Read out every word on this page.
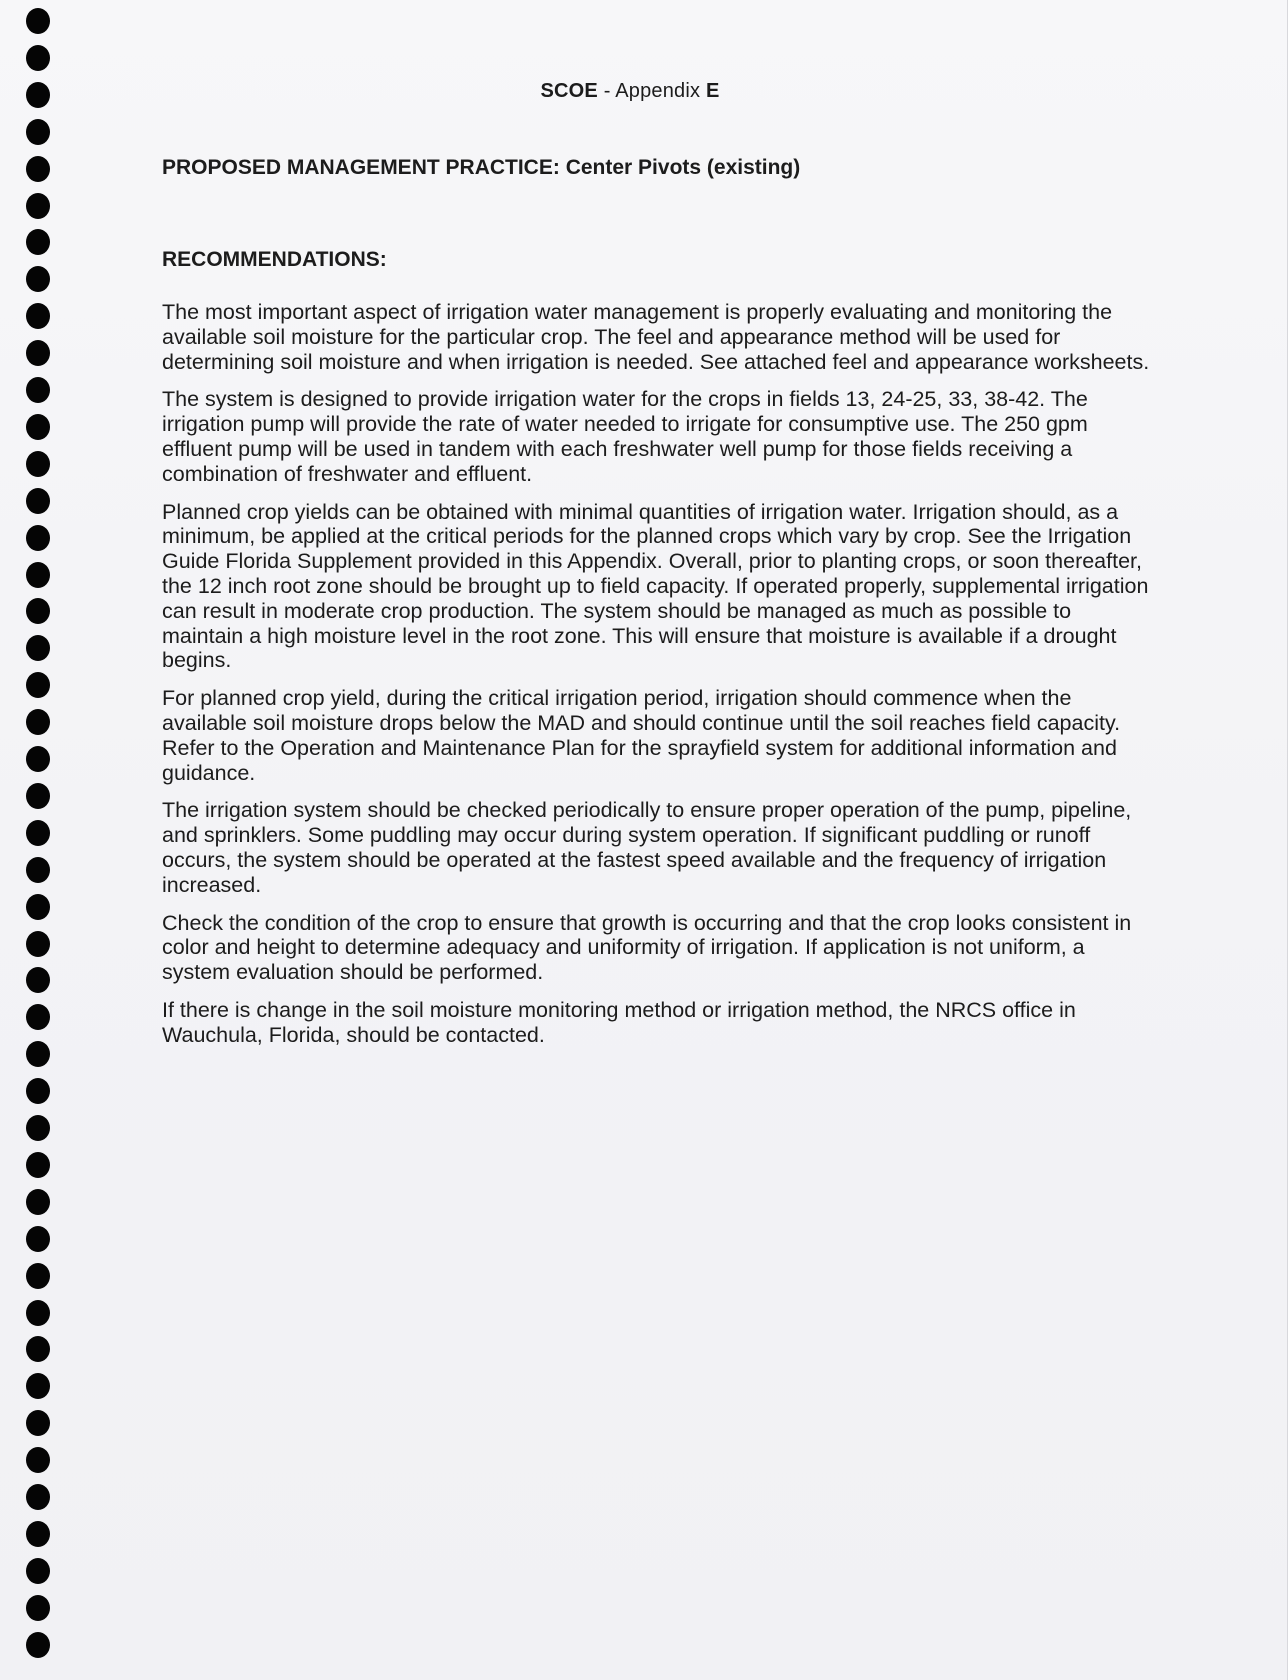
SCOE - Appendix E
PROPOSED MANAGEMENT PRACTICE: Center Pivots (existing)
RECOMMENDATIONS:

The most important aspect of irrigation water management is properly evaluating and monitoring the available soil moisture for the particular crop. The feel and appearance method will be used for determining soil moisture and when irrigation is needed. See attached feel and appearance worksheets.

The system is designed to provide irrigation water for the crops in fields 13, 24-25, 33, 38-42. The irrigation pump will provide the rate of water needed to irrigate for consumptive use. The 250 gpm effluent pump will be used in tandem with each freshwater well pump for those fields receiving a combination of freshwater and effluent.

Planned crop yields can be obtained with minimal quantities of irrigation water. Irrigation should, as a minimum, be applied at the critical periods for the planned crops which vary by crop. See the Irrigation Guide Florida Supplement provided in this Appendix. Overall, prior to planting crops, or soon thereafter, the 12 inch root zone should be brought up to field capacity. If operated properly, supplemental irrigation can result in moderate crop production. The system should be managed as much as possible to maintain a high moisture level in the root zone. This will ensure that moisture is available if a drought begins.

For planned crop yield, during the critical irrigation period, irrigation should commence when the available soil moisture drops below the MAD and should continue until the soil reaches field capacity. Refer to the Operation and Maintenance Plan for the sprayfield system for additional information and guidance.

The irrigation system should be checked periodically to ensure proper operation of the pump, pipeline, and sprinklers. Some puddling may occur during system operation. If significant puddling or runoff occurs, the system should be operated at the fastest speed available and the frequency of irrigation increased.

Check the condition of the crop to ensure that growth is occurring and that the crop looks consistent in color and height to determine adequacy and uniformity of irrigation. If application is not uniform, a system evaluation should be performed.

If there is change in the soil moisture monitoring method or irrigation method, the NRCS office in Wauchula, Florida, should be contacted.
